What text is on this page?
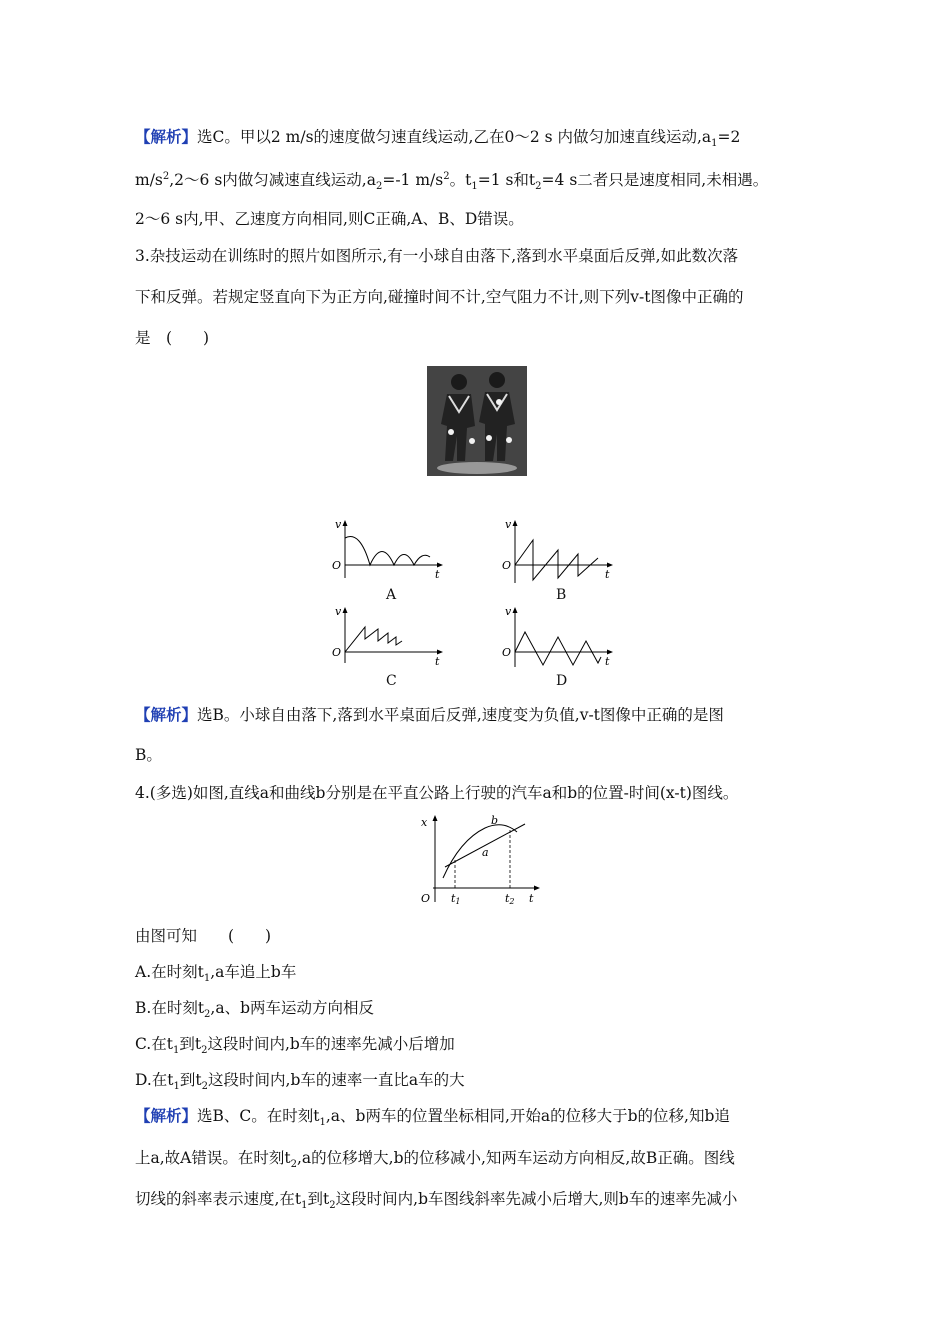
【解析】选C。甲以2 m/s的速度做匀速直线运动,乙在0～2 s 内做匀加速直线运动$,a_1=2$
$m/s^2,2\sim 6$ s内做匀减速直线运动$,a_2=-1$ $m/s^2$。$t_1=1$ s和$t_2=4$ s二者只是速度相同,未相遇。
2～6 s内,甲、乙速度方向相同,则C正确,A、B、D错误。
3.杂技运动在训练时的照片如图所示,有一小球自由落下,落到水平桌面后反弹,如此数次落
下和反弹。若规定竖直向下为正方向,碰撞时间不计,空气阻力不计,则下列v-t图像中正确的
是　(　　)
v
t
O
A
v
t
O
B
v
t
O
C
v
t
O
D
【解析】选B。小球自由落下,落到水平桌面后反弹,速度变为负值,v-t图像中正确的是图
B。
4.(多选)如图,直线a和曲线b分别是在平直公路上行驶的汽车a和b的位置-时间(x-t)图线。
x
t
O
b
a
t1	t2
由图可知　　(　　)
A.在时刻$t_1,a$车追上b车
B.在时刻$t_2,a$、b两车运动方向相反
C.在$t_1$到$t_2$这段时间内,b车的速率先减小后增加
D.在$t_1$到$t_2$这段时间内,b车的速率一直比a车的大
【解析】选B、C。在时刻$t_1,a$、b两车的位置坐标相同,开始a的位移大于b的位移,知b追
上a,故A错误。在时刻$t_2,a$的位移增大,b的位移减小,知两车运动方向相反,故B正确。图线
切线的斜率表示速度,在$t_1$到$t_2$这段时间内,b车图线斜率先减小后增大,则b车的速率先减小
